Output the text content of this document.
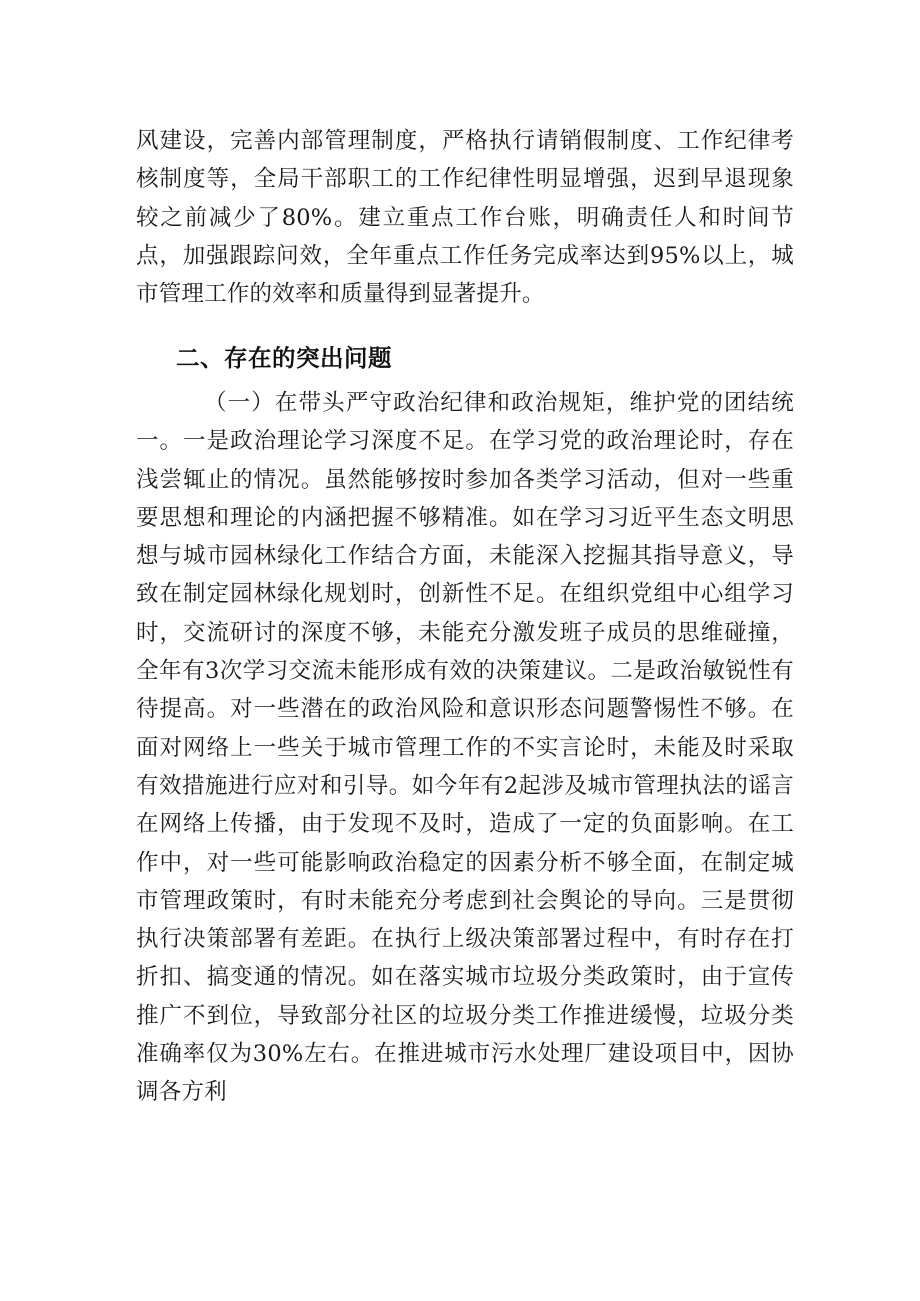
风建设，完善内部管理制度，严格执行请销假制度、工作纪律考核制度等，全局干部职工的工作纪律性明显增强，迟到早退现象较之前减少了80%。建立重点工作台账，明确责任人和时间节点，加强跟踪问效，全年重点工作任务完成率达到95%以上，城市管理工作的效率和质量得到显著提升。

二、存在的突出问题

（一）在带头严守政治纪律和政治规矩，维护党的团结统一。一是政治理论学习深度不足。在学习党的政治理论时，存在浅尝辄止的情况。虽然能够按时参加各类学习活动，但对一些重要思想和理论的内涵把握不够精准。如在学习习近平生态文明思想与城市园林绿化工作结合方面，未能深入挖掘其指导意义，导致在制定园林绿化规划时，创新性不足。在组织党组中心组学习时，交流研讨的深度不够，未能充分激发班子成员的思维碰撞，全年有3次学习交流未能形成有效的决策建议。二是政治敏锐性有待提高。对一些潜在的政治风险和意识形态问题警惕性不够。在面对网络上一些关于城市管理工作的不实言论时，未能及时采取有效措施进行应对和引导。如今年有2起涉及城市管理执法的谣言在网络上传播，由于发现不及时，造成了一定的负面影响。在工作中，对一些可能影响政治稳定的因素分析不够全面，在制定城市管理政策时，有时未能充分考虑到社会舆论的导向。三是贯彻执行决策部署有差距。在执行上级决策部署过程中，有时存在打折扣、搞变通的情况。如在落实城市垃圾分类政策时，由于宣传推广不到位，导致部分社区的垃圾分类工作推进缓慢，垃圾分类准确率仅为30%左右。在推进城市污水处理厂建设项目中，因协调各方利
